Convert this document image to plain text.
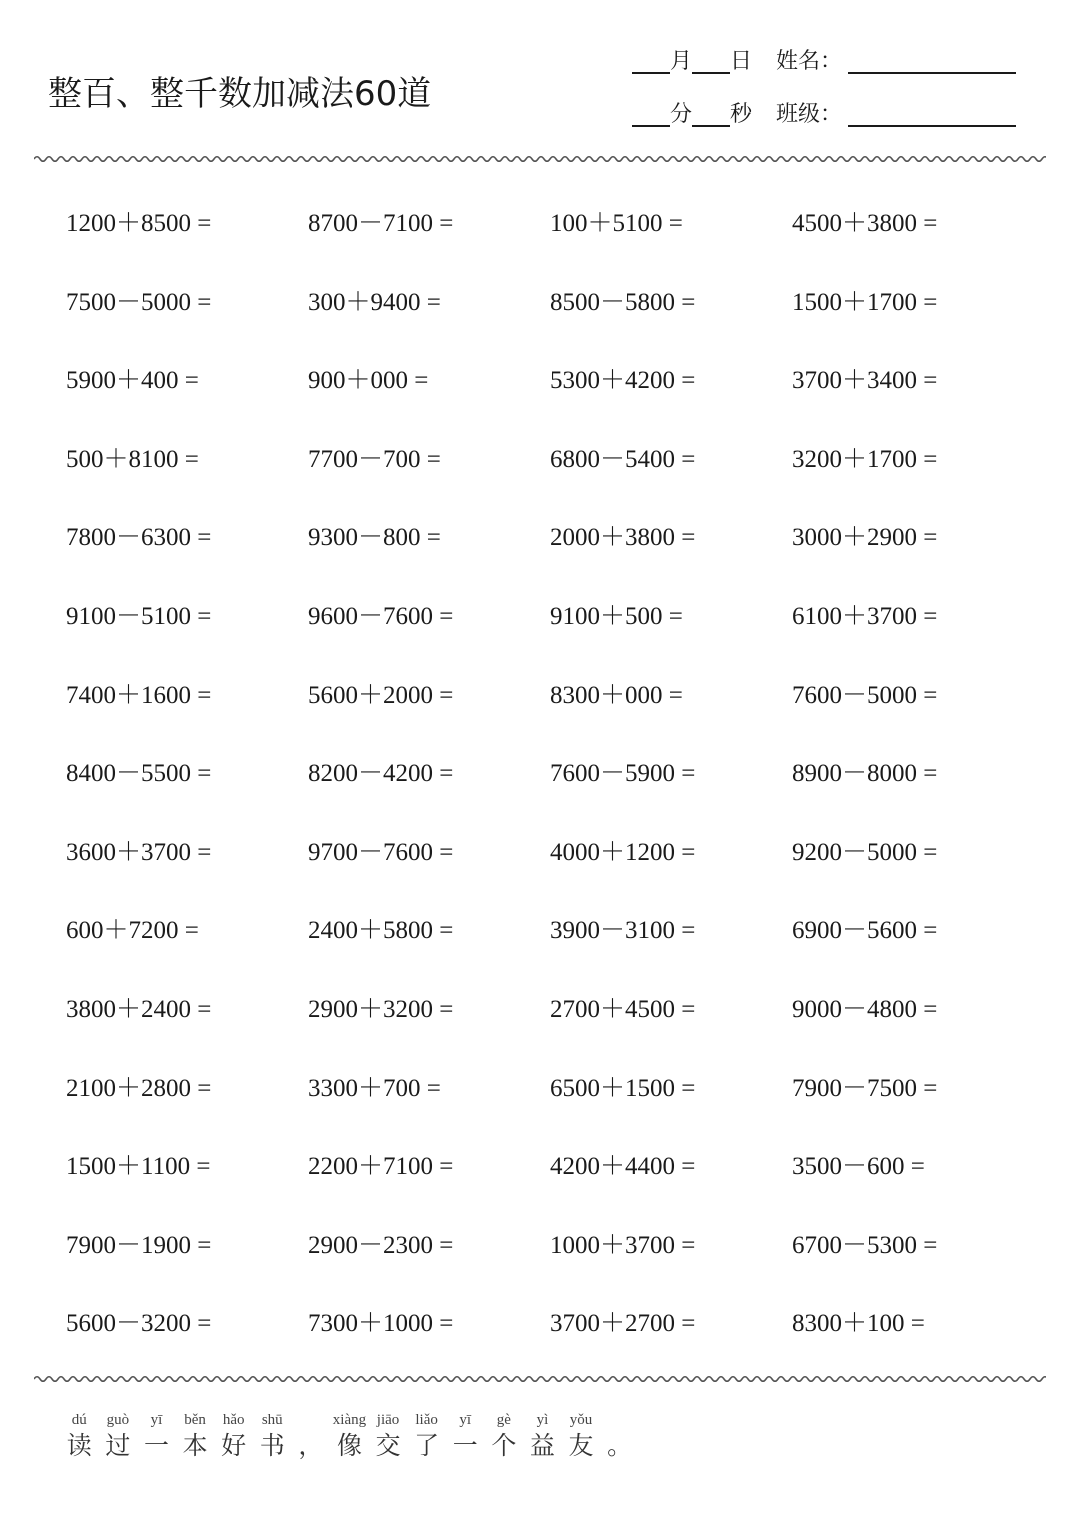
整百、整千数加减法60道
月 日 姓名：
分 秒 班级：
1200＋8500 =	8700－7100 =	100＋5100 =	4500＋3800 =
7500－5000 =	300＋9400 =	8500－5800 =	1500＋1700 =
5900＋400 =	900＋000 =	5300＋4200 =	3700＋3400 =
500＋8100 =	7700－700 =	6800－5400 =	3200＋1700 =
7800－6300 =	9300－800 =	2000＋3800 =	3000＋2900 =
9100－5100 =	9600－7600 =	9100＋500 =	6100＋3700 =
7400＋1600 =	5600＋2000 =	8300＋000 =	7600－5000 =
8400－5500 =	8200－4200 =	7600－5900 =	8900－8000 =
3600＋3700 =	9700－7600 =	4000＋1200 =	9200－5000 =
600＋7200 =	2400＋5800 =	3900－3100 =	6900－5600 =
3800＋2400 =	2900＋3200 =	2700＋4500 =	9000－4800 =
2100＋2800 =	3300＋700 =	6500＋1500 =	7900－7500 =
1500＋1100 =	2200＋7100 =	4200＋4400 =	3500－600 =
7900－1900 =	2900－2300 =	1000＋3700 =	6700－5300 =
5600－3200 =	7300＋1000 =	3700＋2700 =	8300＋100 =
dú
读
guò
过
yī
一
běn
本
hǎo
好
shū
书 ，
xiàng
像
jiāo
交
liǎo
了
yī
一
gè
个
yì
益
yǒu
友 。
